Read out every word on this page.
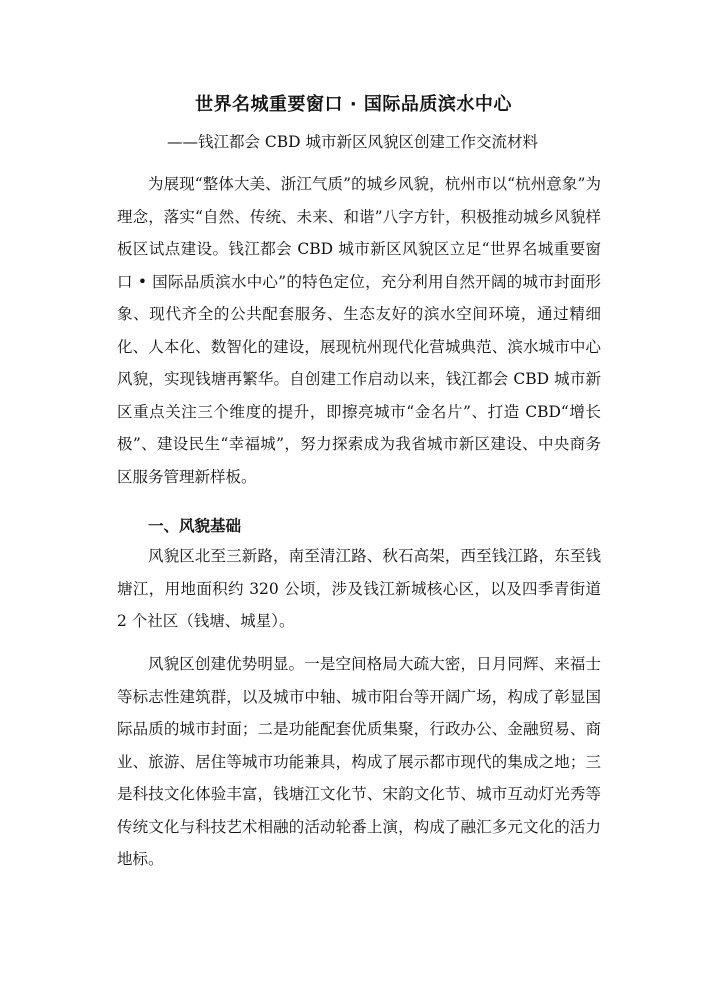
世界名城重要窗口 · 国际品质滨水中心
——钱江都会 CBD 城市新区风貌区创建工作交流材料

为展现“整体大美、浙江气质”的城乡风貌，杭州市以“杭州意象”为理念，落实“自然、传统、未来、和谐”八字方针，积极推动城乡风貌样板区试点建设。钱江都会 CBD 城市新区风貌区立足“世界名城重要窗口 • 国际品质滨水中心”的特色定位，充分利用自然开阔的城市封面形象、现代齐全的公共配套服务、生态友好的滨水空间环境，通过精细化、人本化、数智化的建设，展现杭州现代化营城典范、滨水城市中心风貌，实现钱塘再繁华。自创建工作启动以来，钱江都会 CBD 城市新区重点关注三个维度的提升，即擦亮城市“金名片”、打造 CBD“增长极”、建设民生“幸福城”，努力探索成为我省城市新区建设、中央商务区服务管理新样板。

一、风貌基础

风貌区北至三新路，南至清江路、秋石高架，西至钱江路，东至钱塘江，用地面积约 320 公顷，涉及钱江新城核心区，以及四季青街道 2 个社区（钱塘、城星）。

风貌区创建优势明显。一是空间格局大疏大密，日月同辉、来福士等标志性建筑群，以及城市中轴、城市阳台等开阔广场，构成了彰显国际品质的城市封面；二是功能配套优质集聚，行政办公、金融贸易、商业、旅游、居住等城市功能兼具，构成了展示都市现代的集成之地；三是科技文化体验丰富，钱塘江文化节、宋韵文化节、城市互动灯光秀等传统文化与科技艺术相融的活动轮番上演，构成了融汇多元文化的活力地标。
